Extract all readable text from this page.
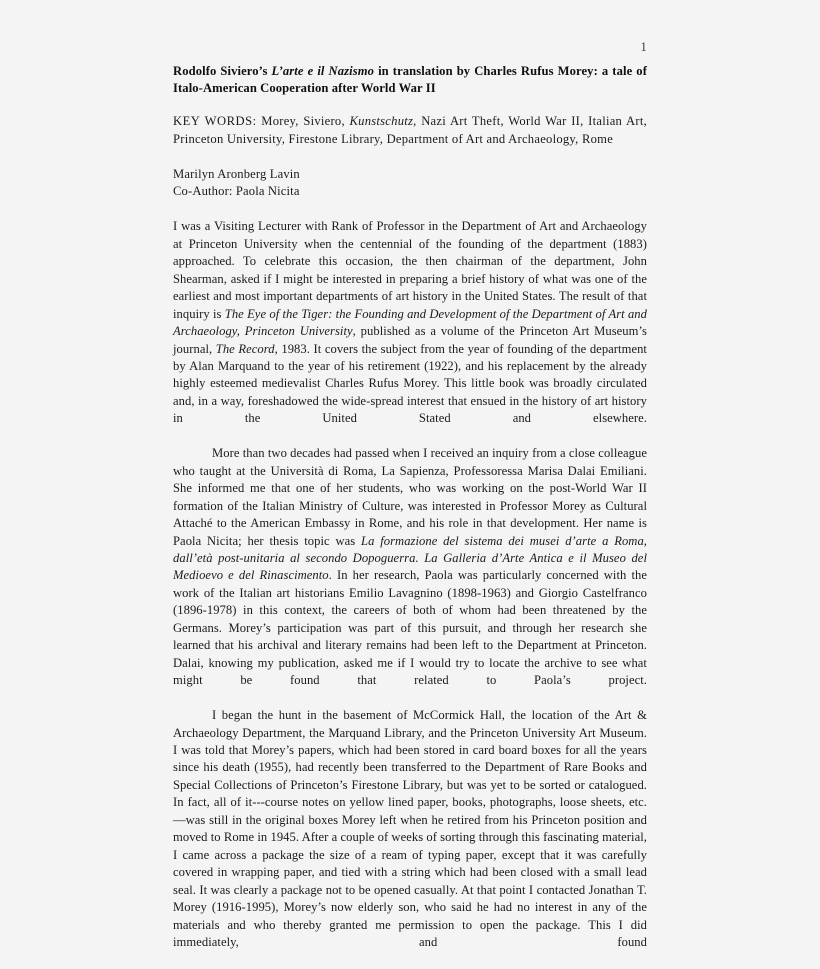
1
Rodolfo Siviero’s L’arte e il Nazismo in translation by Charles Rufus Morey: a tale of Italo-American Cooperation after World War II
KEY WORDS: Morey, Siviero, Kunstschutz, Nazi Art Theft, World War II, Italian Art, Princeton University, Firestone Library, Department of Art and Archaeology, Rome
Marilyn Aronberg Lavin
Co-Author: Paola Nicita

I was a Visiting Lecturer with Rank of Professor in the Department of Art and Archaeology at Princeton University when the centennial of the founding of the department (1883) approached. To celebrate this occasion, the then chairman of the department, John Shearman, asked if I might be interested in preparing a brief history of what was one of the earliest and most important departments of art history in the United States. The result of that inquiry is The Eye of the Tiger: the Founding and Development of the Department of Art and Archaeology, Princeton University, published as a volume of the Princeton Art Museum’s journal, The Record, 1983. It covers the subject from the year of founding of the department by Alan Marquand to the year of his retirement (1922), and his replacement by the already highly esteemed medievalist Charles Rufus Morey. This little book was broadly circulated and, in a way, foreshadowed the wide-spread interest that ensued in the history of art history in the United Stated and elsewhere.

More than two decades had passed when I received an inquiry from a close colleague who taught at the Università di Roma, La Sapienza, Professoressa Marisa Dalai Emiliani. She informed me that one of her students, who was working on the post-World War II formation of the Italian Ministry of Culture, was interested in Professor Morey as Cultural Attaché to the American Embassy in Rome, and his role in that development. Her name is Paola Nicita; her thesis topic was La formazione del sistema dei musei d’arte a Roma, dall’età post-unitaria al secondo Dopoguerra. La Galleria d’Arte Antica e il Museo del Medioevo e del Rinascimento. In her research, Paola was particularly concerned with the work of the Italian art historians Emilio Lavagnino (1898-1963) and Giorgio Castelfranco (1896-1978) in this context, the careers of both of whom had been threatened by the Germans. Morey’s participation was part of this pursuit, and through her research she learned that his archival and literary remains had been left to the Department at Princeton. Dalai, knowing my publication, asked me if I would try to locate the archive to see what might be found that related to Paola’s project.

I began the hunt in the basement of McCormick Hall, the location of the Art & Archaeology Department, the Marquand Library, and the Princeton University Art Museum. I was told that Morey’s papers, which had been stored in card board boxes for all the years since his death (1955), had recently been transferred to the Department of Rare Books and Special Collections of Princeton’s Firestone Library, but was yet to be sorted or catalogued. In fact, all of it---course notes on yellow lined paper, books, photographs, loose sheets, etc.—was still in the original boxes Morey left when he retired from his Princeton position and moved to Rome in 1945. After a couple of weeks of sorting through this fascinating material, I came across a package the size of a ream of typing paper, except that it was carefully covered in wrapping paper, and tied with a string which had been closed with a small lead seal. It was clearly a package not to be opened casually. At that point I contacted Jonathan T. Morey (1916-1995), Morey’s now elderly son, who said he had no interest in any of the materials and who thereby granted me permission to open the package. This I did immediately, and found
